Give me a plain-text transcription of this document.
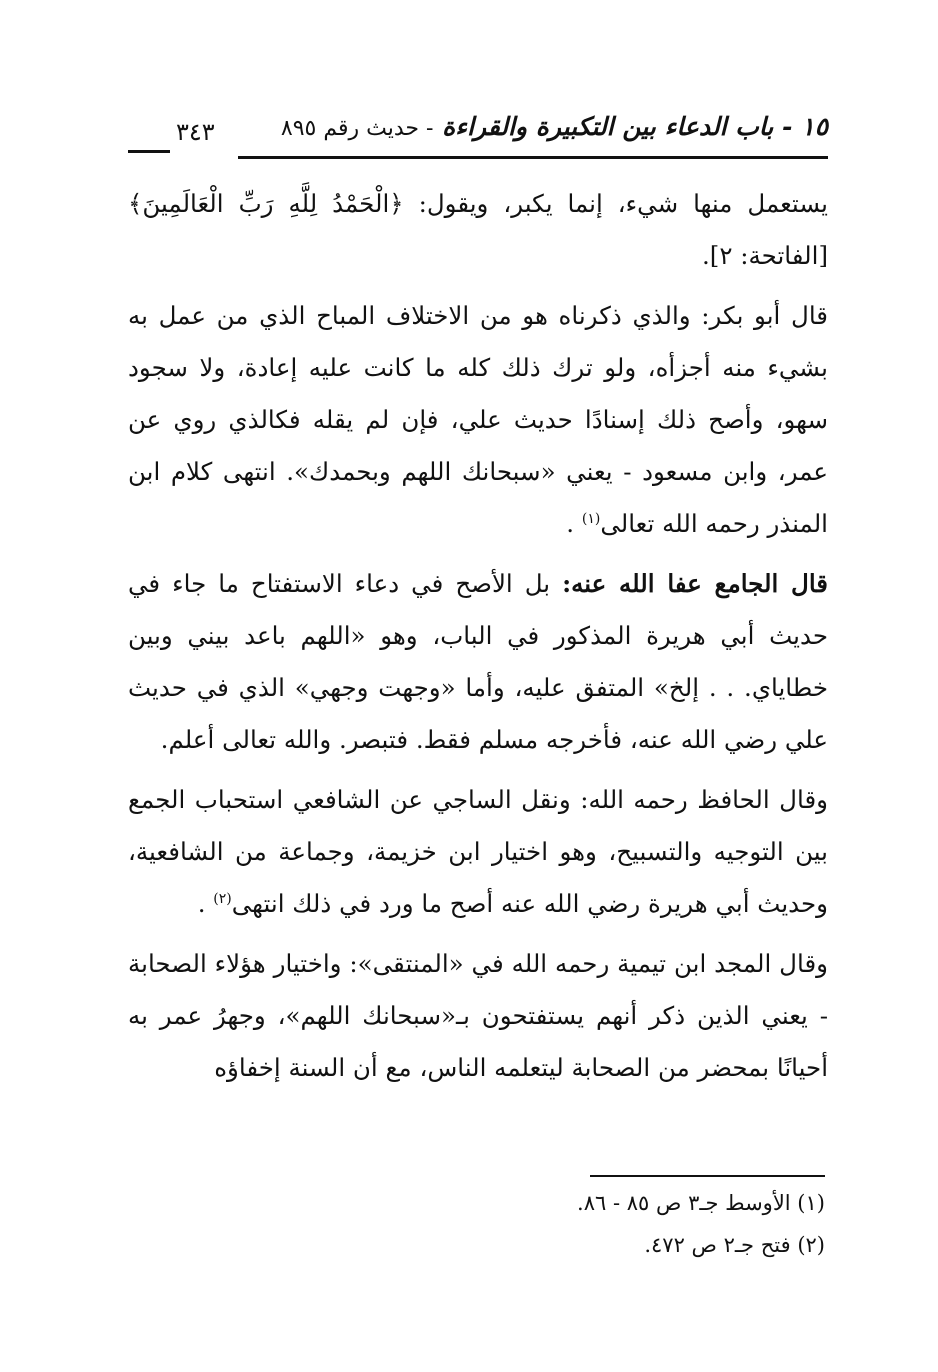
١٥ - باب الدعاء بين التكبيرة والقراءة - حديث رقم ٨٩٥
٣٤٣

يستعمل منها شيء، إنما يكبر، ويقول: ﴿الْحَمْدُ لِلَّهِ رَبِّ الْعَالَمِينَ﴾ [الفاتحة: ٢].

قال أبو بكر: والذي ذكرناه هو من الاختلاف المباح الذي من عمل به بشيء منه أجزأه، ولو ترك ذلك كله ما كانت عليه إعادة، ولا سجود سهو، وأصح ذلك إسنادًا حديث علي، فإن لم يقله فكالذي روي عن عمر، وابن مسعود - يعني «سبحانك اللهم وبحمدك». انتهى كلام ابن المنذر رحمه الله تعالى$^{(١)}$ .

قال الجامع عفا الله عنه: بل الأصح في دعاء الاستفتاح ما جاء في حديث أبي هريرة المذكور في الباب، وهو «اللهم باعد بيني وبين خطاياي. . . إلخ» المتفق عليه، وأما «وجهت وجهي» الذي في حديث علي رضي الله عنه، فأخرجه مسلم فقط. فتبصر. والله تعالى أعلم.

وقال الحافظ رحمه الله: ونقل الساجي عن الشافعي استحباب الجمع بين التوجيه والتسبيح، وهو اختيار ابن خزيمة، وجماعة من الشافعية، وحديث أبي هريرة رضي الله عنه أصح ما ورد في ذلك انتهى$^{(٢)}$ .

وقال المجد ابن تيمية رحمه الله في «المنتقى»: واختيار هؤلاء الصحابة - يعني الذين ذكر أنهم يستفتحون بـ«سبحانك اللهم»، وجهرُ عمر به أحيانًا بمحضر من الصحابة ليتعلمه الناس، مع أن السنة إخفاؤه

(١) الأوسط جـ٣ ص ٨٥ - ٨٦.
(٢) فتح جـ٢ ص ٤٧٢.
